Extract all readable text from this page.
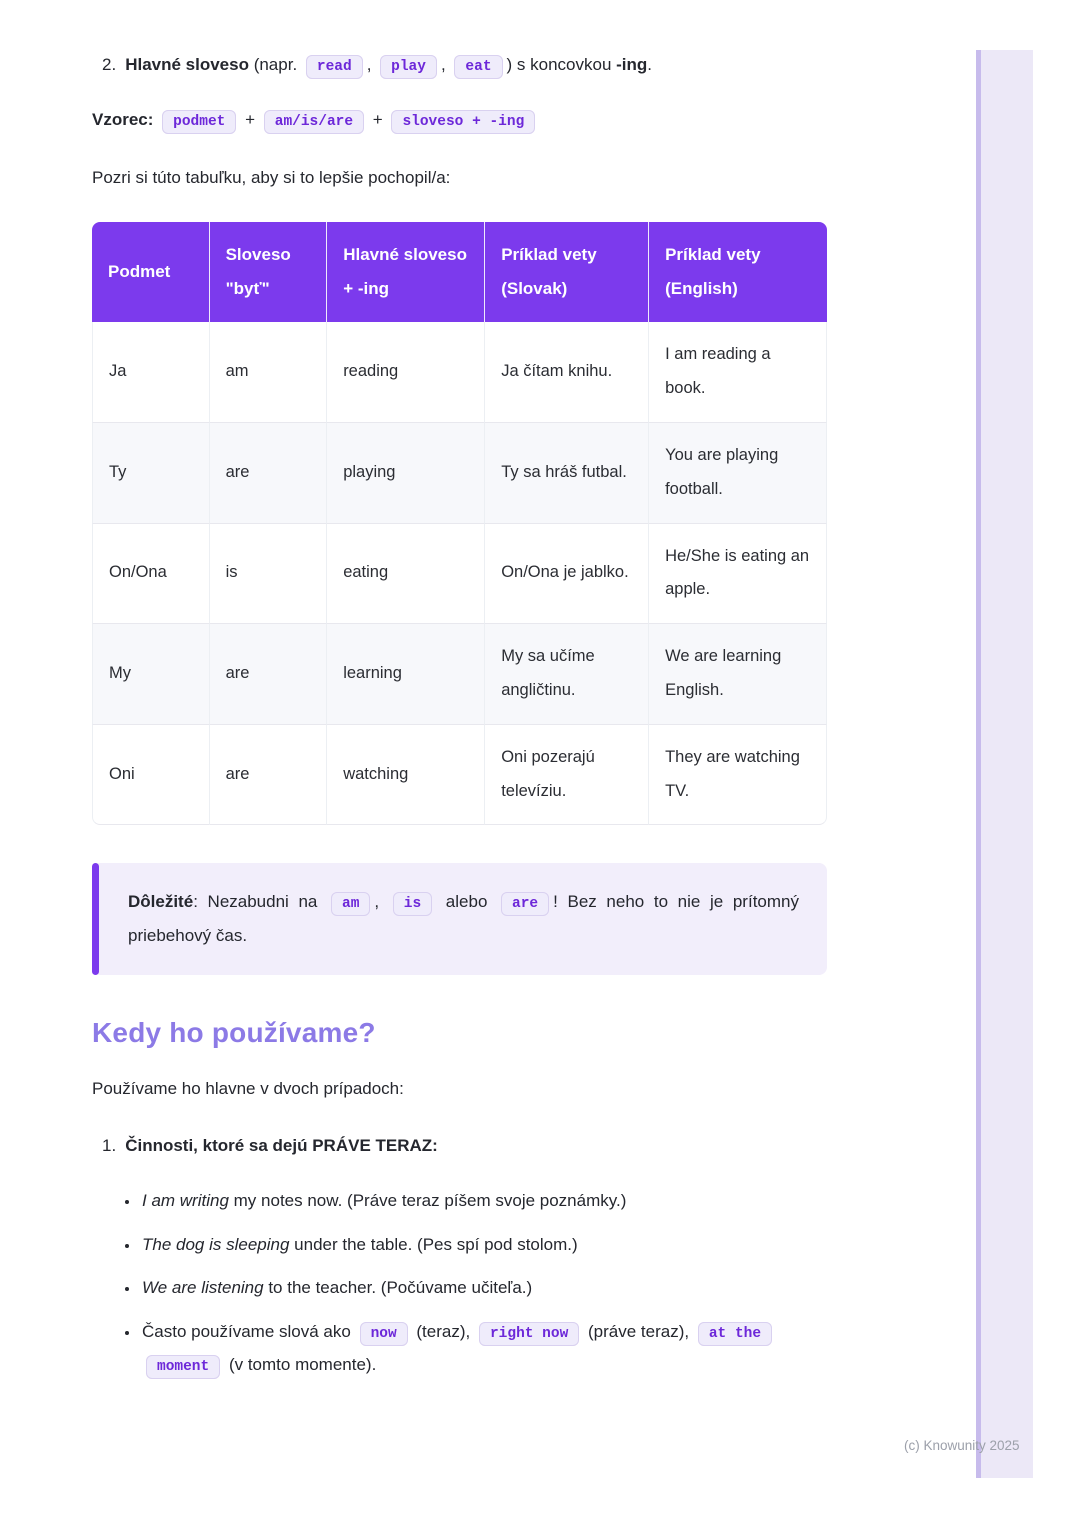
(c) Knowunity 2025
2. Hlavné sloveso (napr. read , play , eat ) s koncovkou -ing.
Vzorec: podmet + am/is/are + sloveso + -ing

Pozri si túto tabuľku, aby si to lepšie pochopil/a:

Podmet	Sloveso "byť"	Hlavné sloveso + -ing	Príklad vety (Slovak)	Príklad vety (English)
Ja	am	reading	Ja čítam knihu.	I am reading a book.
Ty	are	playing	Ty sa hráš futbal.	You are playing football.
On/Ona	is	eating	On/Ona je jablko.	He/She is eating an apple.
My	are	learning	My sa učíme angličtinu.	We are learning English.
Oni	are	watching	Oni pozerajú televíziu.	They are watching TV.
Dôležité: Nezabudni na am , is alebo are ! Bez neho to nie je prítomný priebehový čas.
Kedy ho používame?

Používame ho hlavne v dvoch prípadoch:

1. Činnosti, ktoré sa dejú PRÁVE TERAZ:
• I am writing my notes now. (Práve teraz píšem svoje poznámky.)
• The dog is sleeping under the table. (Pes spí pod stolom.)
• We are listening to the teacher. (Počúvame učiteľa.)
• Často používame slová ako now (teraz), right now (práve teraz), at the moment (v tomto momente).
